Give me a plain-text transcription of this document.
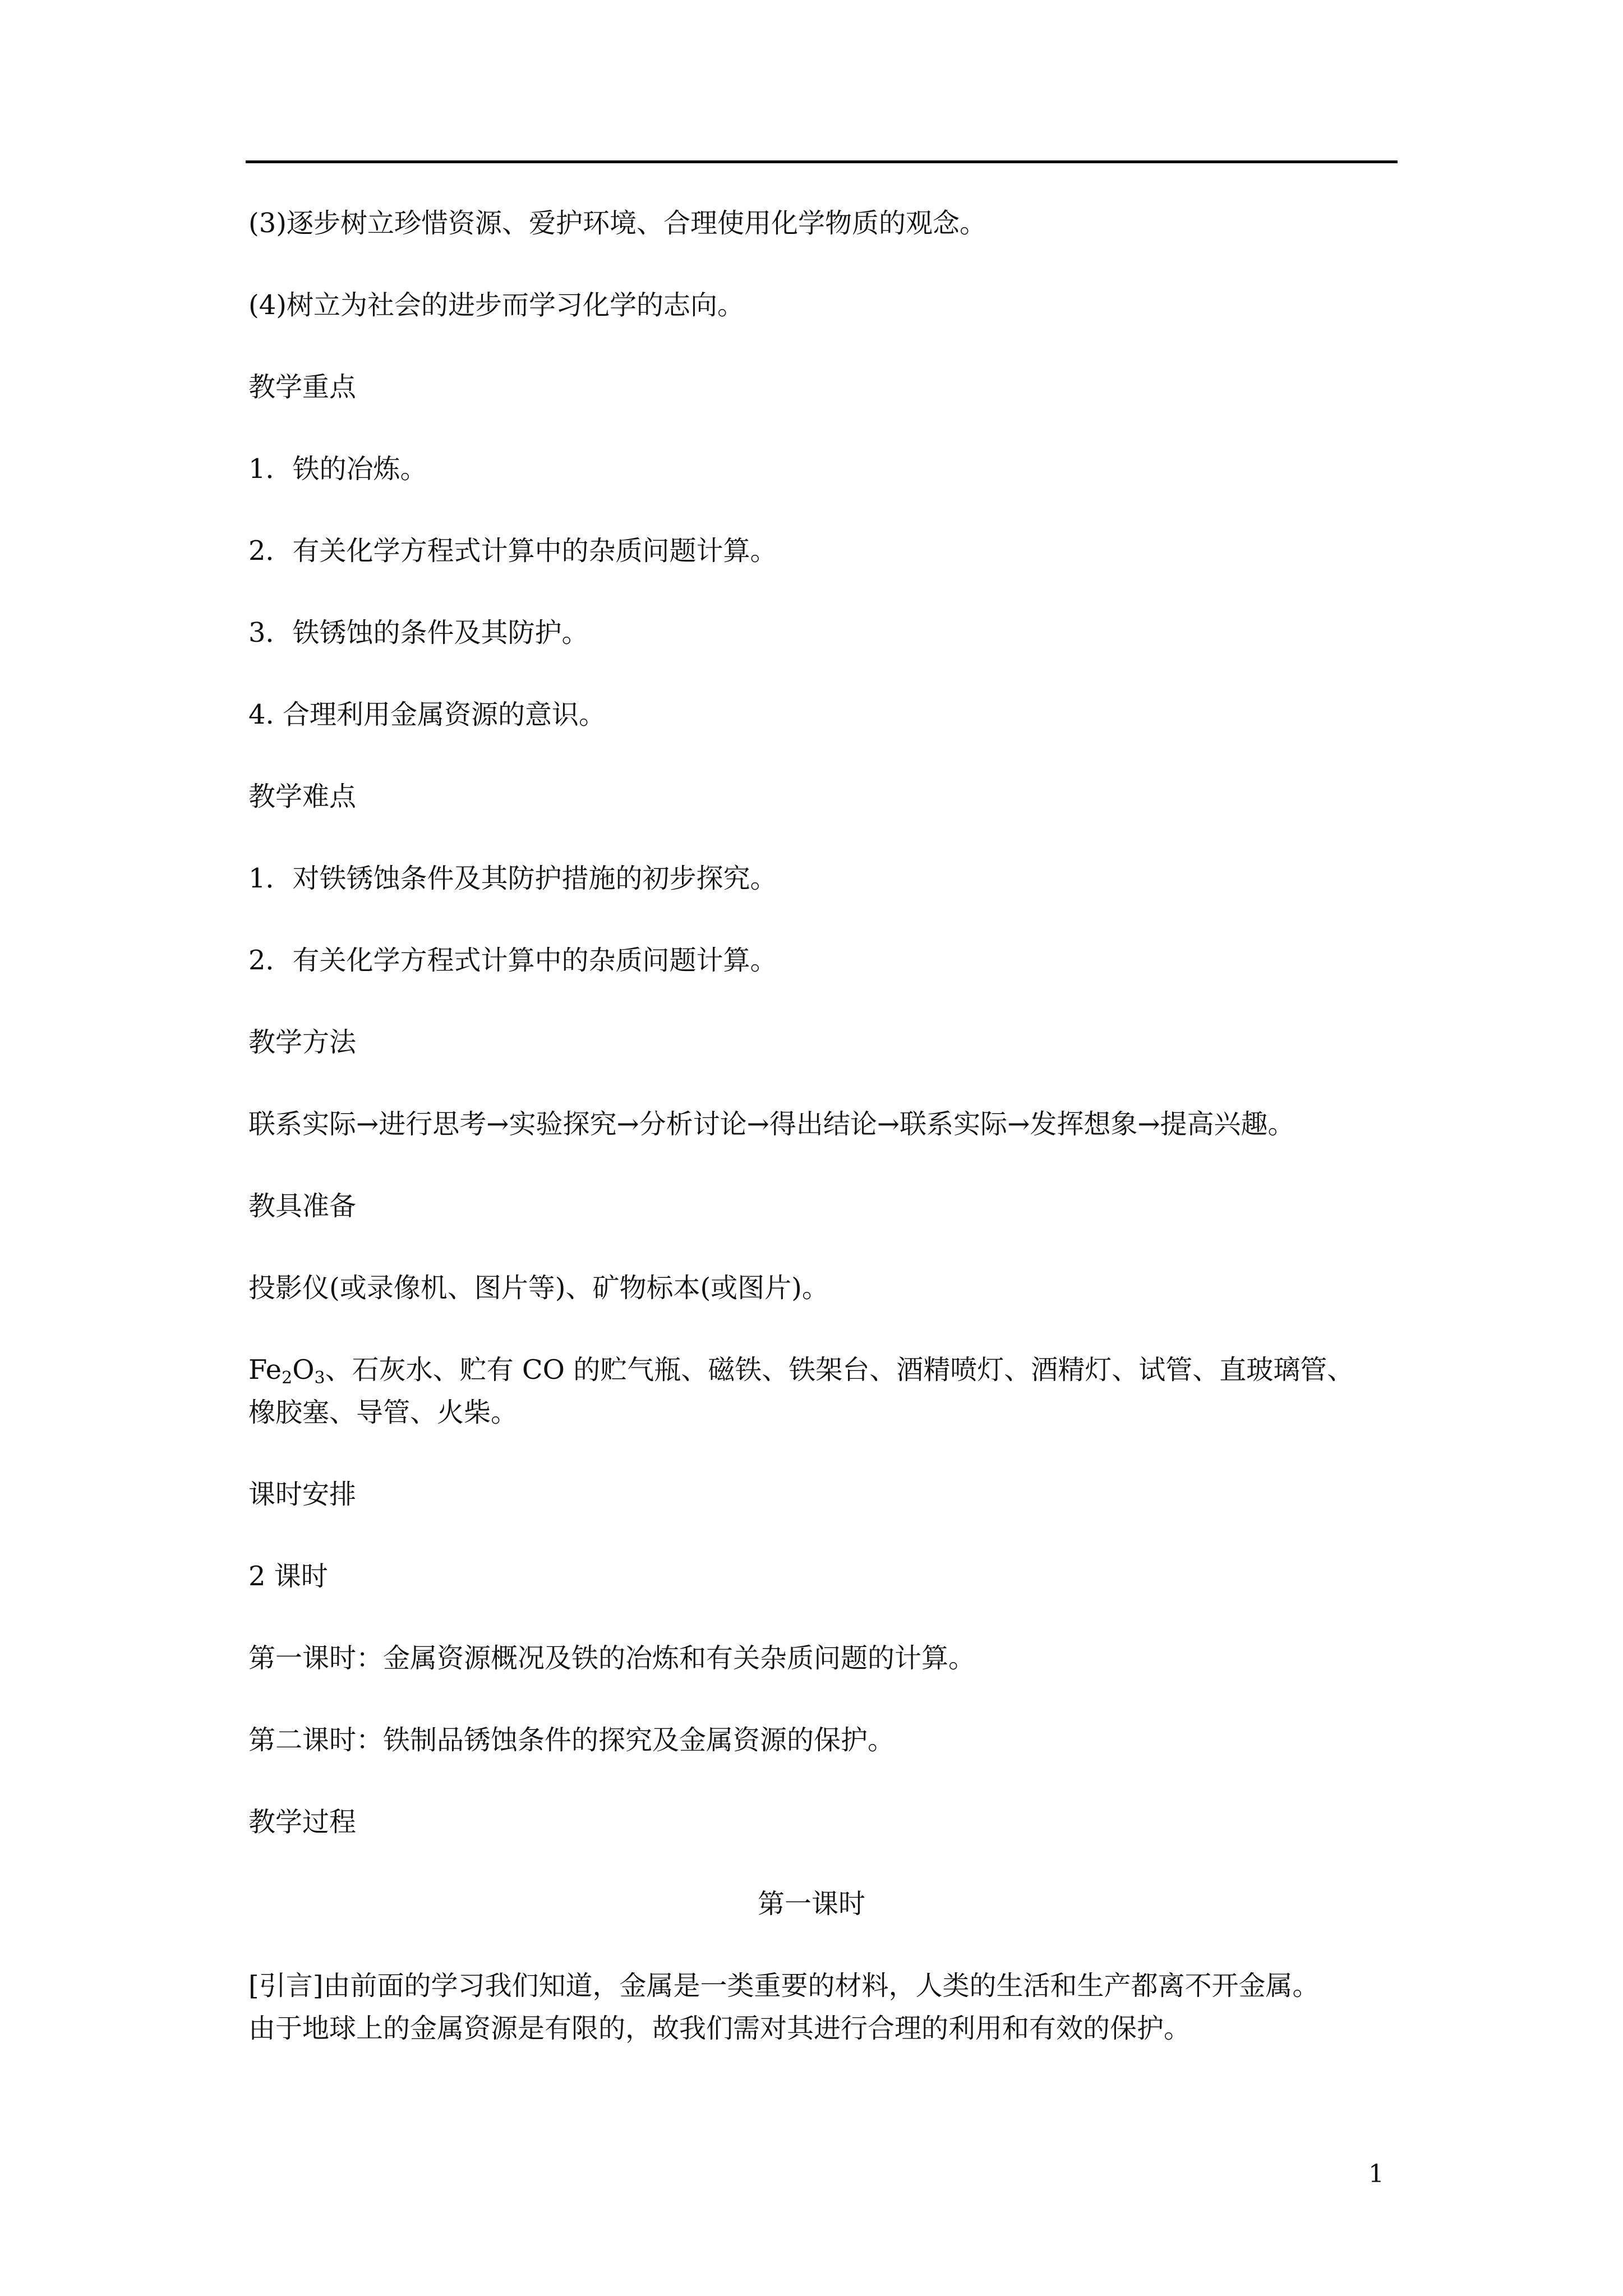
(3)逐步树立珍惜资源、爱护环境、合理使用化学物质的观念。
(4)树立为社会的进步而学习化学的志向。
教学重点
1．铁的冶炼。
2．有关化学方程式计算中的杂质问题计算。
3．铁锈蚀的条件及其防护。
4. 合理利用金属资源的意识。
教学难点
1．对铁锈蚀条件及其防护措施的初步探究。
2．有关化学方程式计算中的杂质问题计算。
教学方法
联系实际→进行思考→实验探究→分析讨论→得出结论→联系实际→发挥想象→提高兴趣。
教具准备
投影仪(或录像机、图片等)、矿物标本(或图片)。
$Fe_2O_3$、石灰水、贮有 CO 的贮气瓶、磁铁、铁架台、酒精喷灯、酒精灯、试管、直玻璃管、
橡胶塞、导管、火柴。
课时安排
2 课时
第一课时：金属资源概况及铁的冶炼和有关杂质问题的计算。
第二课时：铁制品锈蚀条件的探究及金属资源的保护。
教学过程
第一课时
[引言]由前面的学习我们知道，金属是一类重要的材料，人类的生活和生产都离不开金属。
由于地球上的金属资源是有限的，故我们需对其进行合理的利用和有效的保护。
1
